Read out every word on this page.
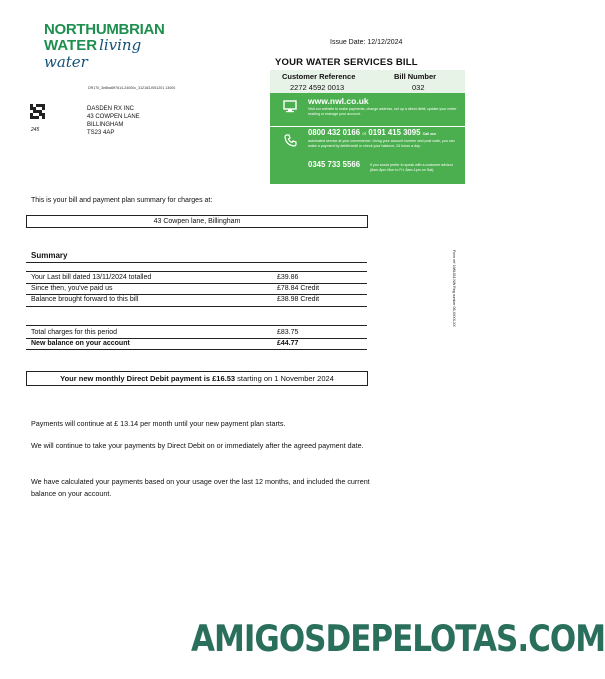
NORTHUMBRIAN
WATER living water
Issue Date: 12/12/2024
YOUR WATER SERVICES BILL
Customer Reference
2272 4592 0013
Bill Number
032
www.nwl.co.uk
Visit our website to make payments, change address, set up a direct debit, update your meter reading or manage your account.
0800 432 0166 or 0191 415 3095 Call our
automated service at your convenience. Using your account number and post code, you can make a payment by debit/credit or check your balance, 24 hours a day.
0345 733 5566	If you would prefer to speak with a customer advisor (8am-8pm Mon to Fri, 8am-1pm on Sat).
DR170_3e8ba6ff7614-24000c_312183-f051201 13000
245
DASDEN RX INC
43 COWPEN LANE
BILLINGHAM
TS23 4AP
Form ref: NWL011 NW Reg number 08-XXXX-XX
This is your bill and payment plan summary for charges at:
43 Cowpen lane, Billingham
Summary
Your Last bill dated 13/11/2024 totalled	£39.86
Since then, you've paid us	£78.84 Credit
Balance brought forward to this bill	£38.98 Credit
Total charges for this period	£83.75
New balance on your account	£44.77
Your new monthly Direct Debit payment is £16.53 starting on 1 November 2024
Payments will continue at £ 13.14 per month until your new payment plan starts.
We will continue to take your payments by Direct Debit on or immediately after the agreed payment date.
We have calculated your payments based on your usage over the last 12 months, and included the current balance on your account.
AMIGOSDEPELOTAS.COM
